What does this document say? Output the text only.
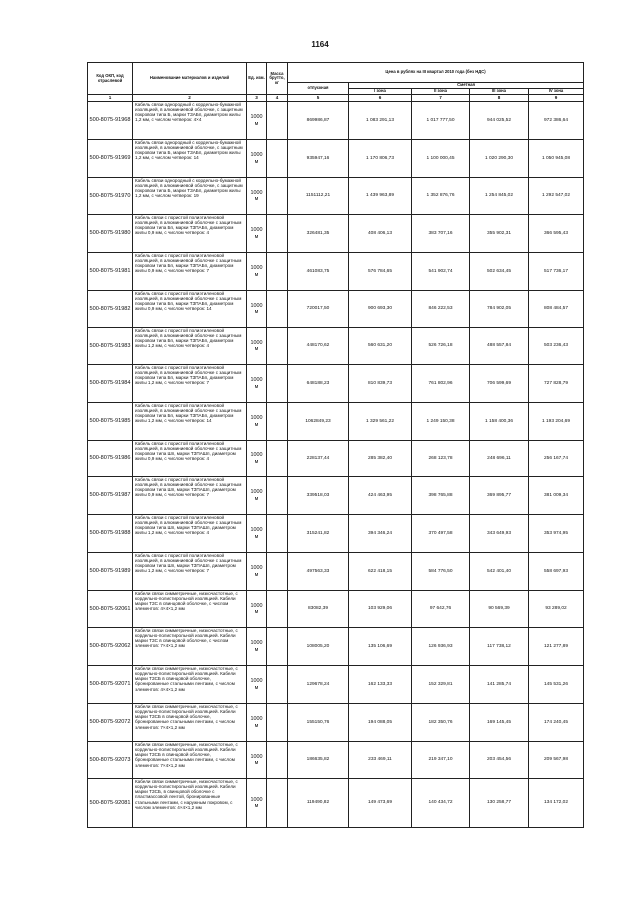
1164
Код ОКП, код отраслевой	Наименование материалов и изделий	Ед. изм.	Масса брутто, кг	Цена в рублях на III квартал 2010 года (без НДС)				
				отпускная	Сметная			
					I зона	II зона	III зона	IV зона
1	2	3	4	5	6	7	8	9
500-8075-91968	Кабель связи однородный с кордельно-бумажной изоляцией, в алюминиевой оболочке, с защитным покровом типа Б, марки ТЗАБп, диаметром жилы 1,2 мм, с числом четверок: 4×4	1000 м		869986,87	1 083 291,13	1 017 777,50	944 025,52	972 386,64
500-8075-91969	Кабель связи однородный с кордельно-бумажной изоляцией, в алюминиевой оболочке, с защитным покровом типа Б, марки ТЗАБп, диаметром жилы 1,2 мм, с числом четверок: 14	1000 м		935947,16	1 170 806,73	1 100 000,45	1 020 290,30	1 050 945,08
500-8075-91970	Кабель связи однородный с кордельно-бумажной изоляцией, в алюминиевой оболочке, с защитным покровом типа Б, марки ТЗАБп, диаметром жилы 1,2 мм, с числом четверок: 19	1000 м		1151112,21	1 439 963,89	1 352 876,76	1 254 845,02	1 292 547,02
500-8075-91980	Кабель связи с пористой полиэтиленовой изоляцией, в алюминиевой оболочке с защитным покровом типа Бп, марки ТЗПАБп, диаметром жилы 0,9 мм, с числом четверок: 4	1000 м		326481,35	408 406,13	383 707,16	355 902,31	366 595,43
500-8075-91981	Кабель связи с пористой полиэтиленовой изоляцией, в алюминиевой оболочке с защитным покровом типа Бп, марки ТЗПАБп, диаметром жилы 0,9 мм, с числом четверок: 7	1000 м		461083,75	576 784,65	541 902,74	502 634,45	517 736,17
500-8075-91982	Кабель связи с пористой полиэтиленовой изоляцией, в алюминиевой оболочке с защитным покровом типа Бп, марки ТЗПАБп, диаметром жилы 0,9 мм, с числом четверок: 14	1000 м		720017,50	900 693,30	846 222,53	784 902,05	808 484,57
500-8075-91983	Кабель связи с пористой полиэтиленовой изоляцией, в алюминиевой оболочке с защитным покровом типа Бп, марки ТЗПАБп, диаметром жилы 1,2 мм, с числом четверок: 4	1000 м		448170,62	560 631,20	526 726,18	488 557,84	503 236,43
500-8075-91984	Кабель связи с пористой полиэтиленовой изоляцией, в алюминиевой оболочке с защитным покровом типа Бп, марки ТЗПАБп, диаметром жилы 1,2 мм, с числом четверок: 7	1000 м		648188,23	810 839,73	761 802,96	706 599,69	727 828,79
500-8075-91985	Кабель связи с пористой полиэтиленовой изоляцией, в алюминиевой оболочке с защитным покровом типа Бп, марки ТЗПАБп, диаметром жилы 1,2 мм, с числом четверок: 14	1000 м		1062849,23	1 329 561,22	1 249 150,38	1 158 400,36	1 193 204,69
500-8075-91986	Кабель связи с пористой полиэтиленовой изоляцией, в алюминиевой оболочке с защитным покровом типа Шп, марки ТЗПАШп, диаметром жилы 0,9 мм, с числом четверок: 4	1000 м		228137,44	285 382,40	268 123,78	248 696,11	256 167,74
500-8075-91987	Кабель связи с пористой полиэтиленовой изоляцией, в алюминиевой оболочке с защитным покровом типа Шп, марки ТЗПАШп, диаметром жилы 0,9 мм, с числом четверок: 7	1000 м		339518,03	424 463,95	398 765,88	369 895,77	381 009,34
500-8075-91988	Кабель связи с пористой полиэтиленовой изоляцией, в алюминиевой оболочке с защитным покровом типа Шп, марки ТЗПАШп, диаметром жилы 1,2 мм, с числом четверок: 4	1000 м		315241,82	394 346,24	370 497,58	343 649,93	353 974,95
500-8075-91989	Кабель связи с пористой полиэтиленовой изоляцией, в алюминиевой оболочке с защитным покровом типа Шп, марки ТЗПАШп, диаметром жилы 1,2 мм, с числом четверок: 7	1000 м		497563,33	622 418,15	584 776,50	542 401,40	558 697,93
500-8075-92061	Кабели связи симметричные, низкочастотные, с кордельно-полистирольной изоляцией. Кабели марки ТЗС в свинцовой оболочке, с числом элементов: 4×4×1,2 мм	1000 м		83082,39	103 929,06	97 642,76	90 569,39	93 289,02
500-8075-92062	Кабели связи симметричные, низкочастотные, с кордельно-полистирольной изоляцией. Кабели марки ТЗС в свинцовой оболочке, с числом элементов: 7×4×1,2 мм	1000 м		108005,20	135 106,69	126 936,93	117 738,12	121 277,89
500-8075-92071	Кабели связи симметричные, низкочастотные, с кордельно-полистирольной изоляцией. Кабели марки ТЗСБ в свинцовой оболочке, бронированные стальными лентами, с числом элементов: 4×4×1,2 мм	1000 м		129678,24	162 133,33	152 329,81	141 285,74	145 531,26
500-8075-92072	Кабели связи симметричные, низкочастотные, с кордельно-полистирольной изоляцией. Кабели марки ТЗСБ в свинцовой оболочке, бронированные стальными лентами, с числом элементов: 7×4×1,2 мм	1000 м		155150,76	194 088,05	182 350,76	169 145,45	174 240,45
500-8075-92073	Кабели связи симметричные, низкочастотные, с кордельно-полистирольной изоляцией. Кабели марки ТЗСБ в свинцовой оболочке, бронированные стальными лентами, с числом элементов: 7×4×1,2 мм	1000 м		186635,82	233 469,11	219 347,10	203 454,56	209 567,98
500-8075-92081	Кабели связи симметричные, низкочастотные, с кордельно-полистирольной изоляцией. Кабели марки ТЗСБ, в свинцовой оболочке с пластмассовой лентой, бронированные стальными лентами, с наружным покровом, с числом элементов: 4×4×1,2 мм	1000 м		119490,82	149 473,69	140 434,72	130 258,77	134 172,02
